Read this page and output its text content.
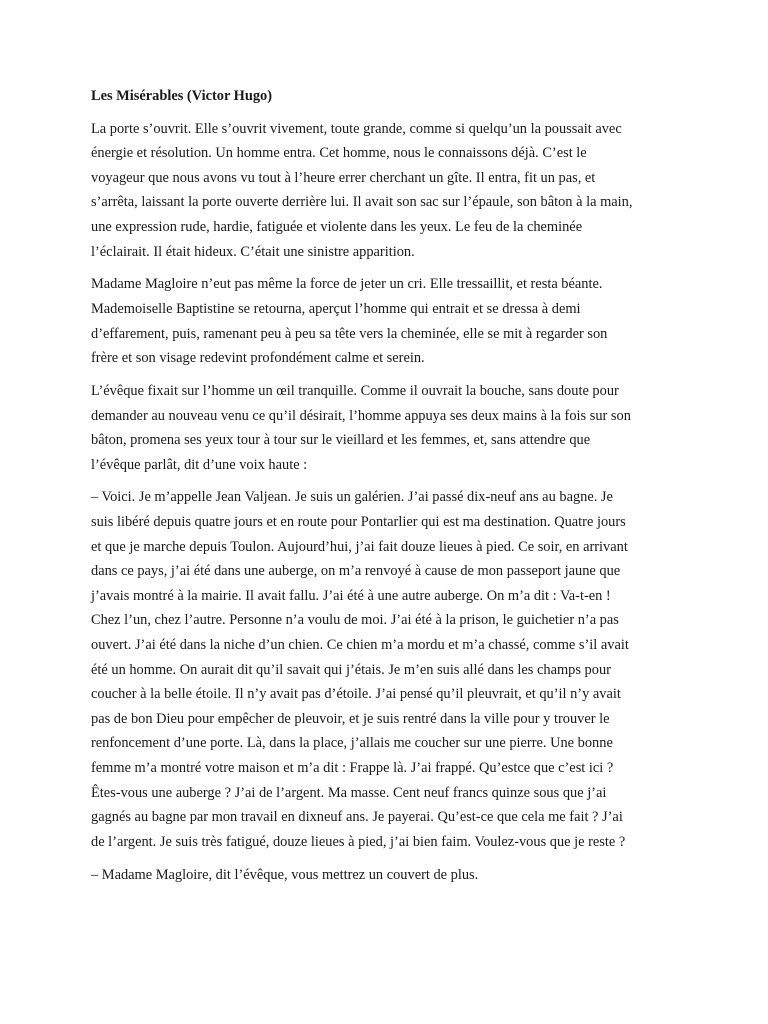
Les Misérables (Victor Hugo)

La porte s’ouvrit. Elle s’ouvrit vivement, toute grande, comme si quelqu’un la poussait avec
énergie et résolution. Un homme entra. Cet homme, nous le connaissons déjà. C’est le
voyageur que nous avons vu tout à l’heure errer cherchant un gîte. Il entra, fit un pas, et
s’arrêta, laissant la porte ouverte derrière lui. Il avait son sac sur l’épaule, son bâton à la main,
une expression rude, hardie, fatiguée et violente dans les yeux. Le feu de la cheminée
l’éclairait. Il était hideux. C’était une sinistre apparition.

Madame Magloire n’eut pas même la force de jeter un cri. Elle tressaillit, et resta béante.
Mademoiselle Baptistine se retourna, aperçut l’homme qui entrait et se dressa à demi
d’effarement, puis, ramenant peu à peu sa tête vers la cheminée, elle se mit à regarder son
frère et son visage redevint profondément calme et serein.

L’évêque fixait sur l’homme un œil tranquille. Comme il ouvrait la bouche, sans doute pour
demander au nouveau venu ce qu’il désirait, l’homme appuya ses deux mains à la fois sur son
bâton, promena ses yeux tour à tour sur le vieillard et les femmes, et, sans attendre que
l’évêque parlât, dit d’une voix haute :

– Voici. Je m’appelle Jean Valjean. Je suis un galérien. J’ai passé dix-neuf ans au bagne. Je
suis libéré depuis quatre jours et en route pour Pontarlier qui est ma destination. Quatre jours
et que je marche depuis Toulon. Aujourd’hui, j’ai fait douze lieues à pied. Ce soir, en arrivant
dans ce pays, j’ai été dans une auberge, on m’a renvoyé à cause de mon passeport jaune que
j’avais montré à la mairie. Il avait fallu. J’ai été à une autre auberge. On m’a dit : Va-t-en !
Chez l’un, chez l’autre. Personne n’a voulu de moi. J’ai été à la prison, le guichetier n’a pas
ouvert. J’ai été dans la niche d’un chien. Ce chien m’a mordu et m’a chassé, comme s’il avait
été un homme. On aurait dit qu’il savait qui j’étais. Je m’en suis allé dans les champs pour
coucher à la belle étoile. Il n’y avait pas d’étoile. J’ai pensé qu’il pleuvrait, et qu’il n’y avait
pas de bon Dieu pour empêcher de pleuvoir, et je suis rentré dans la ville pour y trouver le
renfoncement d’une porte. Là, dans la place, j’allais me coucher sur une pierre. Une bonne
femme m’a montré votre maison et m’a dit : Frappe là. J’ai frappé. Qu’estce que c’est ici ?
Êtes-vous une auberge ? J’ai de l’argent. Ma masse. Cent neuf francs quinze sous que j’ai
gagnés au bagne par mon travail en dixneuf ans. Je payerai. Qu’est-ce que cela me fait ? J’ai
de l’argent. Je suis très fatigué, douze lieues à pied, j’ai bien faim. Voulez-vous que je reste ?

– Madame Magloire, dit l’évêque, vous mettrez un couvert de plus.
